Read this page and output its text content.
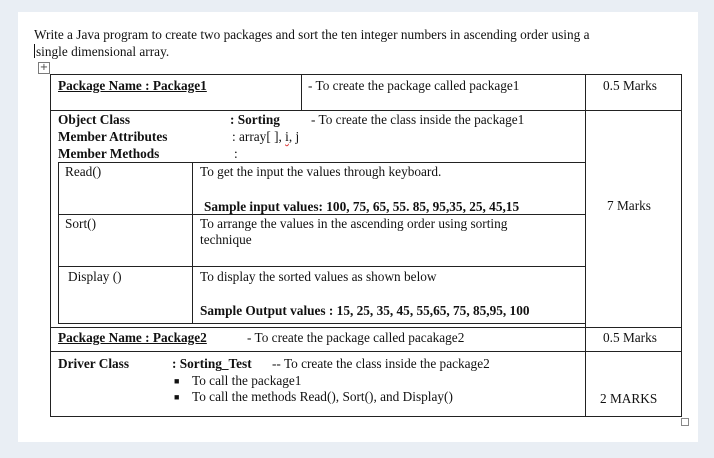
Write a Java program to create two packages and sort the ten integer numbers in ascending order using a
single dimensional array.
+
Package Name : Package1	- To create the package called package1	0.5 Marks
Object Class	: Sorting - To create the class inside the package1
Member Attributes	: array[ ], i, j
Member Methods	:
7 Marks
Read()	To get the input the values through keyboard.
Sample input values: 100, 75, 65, 55. 85, 95,35, 25, 45,15
Sort()	To arrange the values in the ascending order using sorting
technique
Display ()	To display the sorted values as shown below
Sample Output values : 15, 25, 35, 45, 55,65, 75, 85,95, 100
Package Name : Package2	- To create the package called pacakage2	0.5 Marks
Driver Class	: Sorting_Test -- To create the class inside the package2
■ To call the package1
■ To call the methods Read(), Sort(), and Display()	2 MARKS
